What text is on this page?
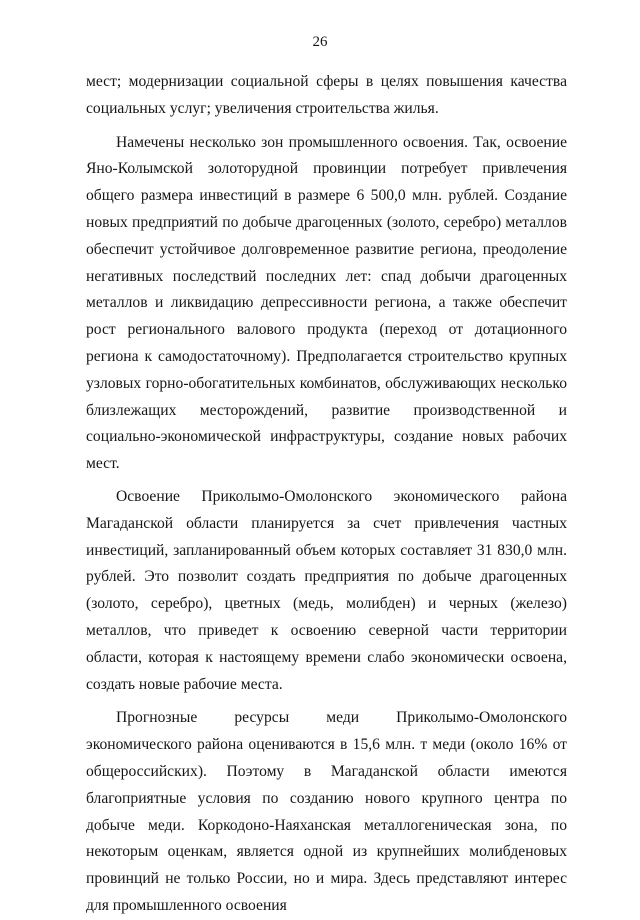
26

мест; модернизации социальной сферы в целях повышения качества социальных услуг; увеличения строительства жилья.

Намечены несколько зон промышленного освоения. Так, освоение Яно-Колымской золоторудной провинции потребует привлечения общего размера инвестиций в размере 6 500,0 млн. рублей. Создание новых предприятий по добыче драгоценных (золото, серебро) металлов обеспечит устойчивое долговременное развитие региона, преодоление негативных последствий последних лет: спад добычи драгоценных металлов и ликвидацию депрессивности региона, а также обеспечит рост регионального валового продукта (переход от дотационного региона к самодостаточному). Предполагается строительство крупных узловых горно-обогатительных комбинатов, обслуживающих несколько близлежащих месторождений, развитие производственной и социально-экономической инфраструктуры, создание новых рабочих мест.

Освоение Приколымо-Омолонского экономического района Магаданской области планируется за счет привлечения частных инвестиций, запланированный объем которых составляет 31 830,0 млн. рублей. Это позволит создать предприятия по добыче драгоценных (золото, серебро), цветных (медь, молибден) и черных (железо) металлов, что приведет к освоению северной части территории области, которая к настоящему времени слабо экономически освоена, создать новые рабочие места.

Прогнозные ресурсы меди Приколымо-Омолонского экономического района оцениваются в 15,6 млн. т меди (около 16% от общероссийских). Поэтому в Магаданской области имеются благоприятные условия по созданию нового крупного центра по добыче меди. Коркодоно-Наяханская металлогеническая зона, по некоторым оценкам, является одной из крупнейших молибденовых провинций не только России, но и мира. Здесь представляют интерес для промышленного освоения
